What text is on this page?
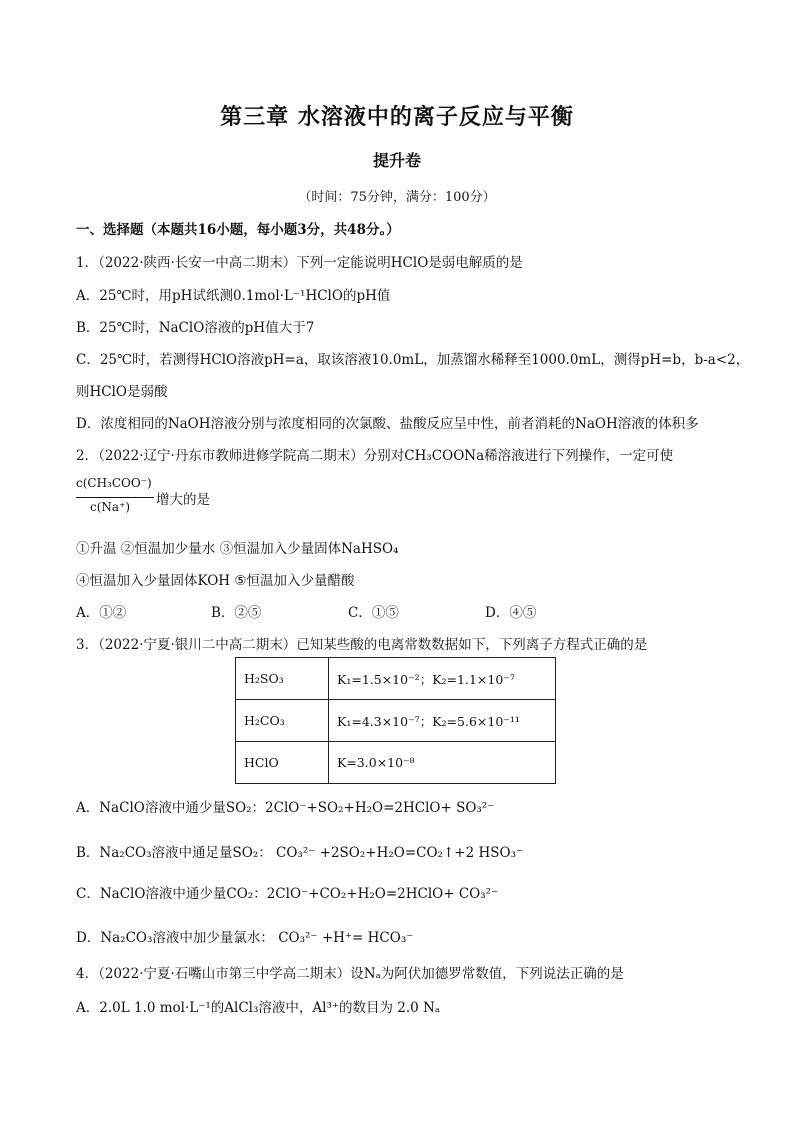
第三章 水溶液中的离子反应与平衡
提升卷
（时间：75分钟，满分：100分）
一、选择题（本题共16小题，每小题3分，共48分。）
1．（2022·陕西·长安一中高二期末）下列一定能说明HClO是弱电解质的是
A．25℃时，用pH试纸测0.1mol·L⁻¹HClO的pH值
B．25℃时，NaClO溶液的pH值大于7
C．25℃时，若测得HClO溶液pH=a，取该溶液10.0mL，加蒸馏水稀释至1000.0mL，测得pH=b，b-a<2，
则HClO是弱酸
D．浓度相同的NaOH溶液分别与浓度相同的次氯酸、盐酸反应呈中性，前者消耗的NaOH溶液的体积多
2．（2022·辽宁·丹东市教师进修学院高二期末）分别对CH₃COONa稀溶液进行下列操作，一定可使
c(CH₃COO⁻)
c(Na⁺) 增大的是
①升温 ②恒温加少量水 ③恒温加入少量固体NaHSO₄
④恒温加入少量固体KOH ⑤恒温加入少量醋酸
A．①②	B．②⑤	C．①⑤	D．④⑤
3．（2022·宁夏·银川二中高二期末）已知某些酸的电离常数数据如下，下列离子方程式正确的是
H₂SO₃	K₁=1.5×10⁻²；K₂=1.1×10⁻⁷
H₂CO₃	K₁=4.3×10⁻⁷；K₂=5.6×10⁻¹¹
HClO	K=3.0×10⁻⁸
A．NaClO溶液中通少量SO₂：2ClO⁻+SO₂+H₂O=2HClO+ SO₃²⁻
B．Na₂CO₃溶液中通足量SO₂： CO₃²⁻ +2SO₂+H₂O=CO₂↑+2 HSO₃⁻
C．NaClO溶液中通少量CO₂：2ClO⁻+CO₂+H₂O=2HClO+ CO₃²⁻
D．Na₂CO₃溶液中加少量氯水： CO₃²⁻ +H⁺= HCO₃⁻
4．（2022·宁夏·石嘴山市第三中学高二期末）设Nₐ为阿伏加德罗常数值，下列说法正确的是
A．2.0L 1.0 mol·L⁻¹的AlCl₃溶液中，Al³⁺的数目为 2.0 Nₐ
